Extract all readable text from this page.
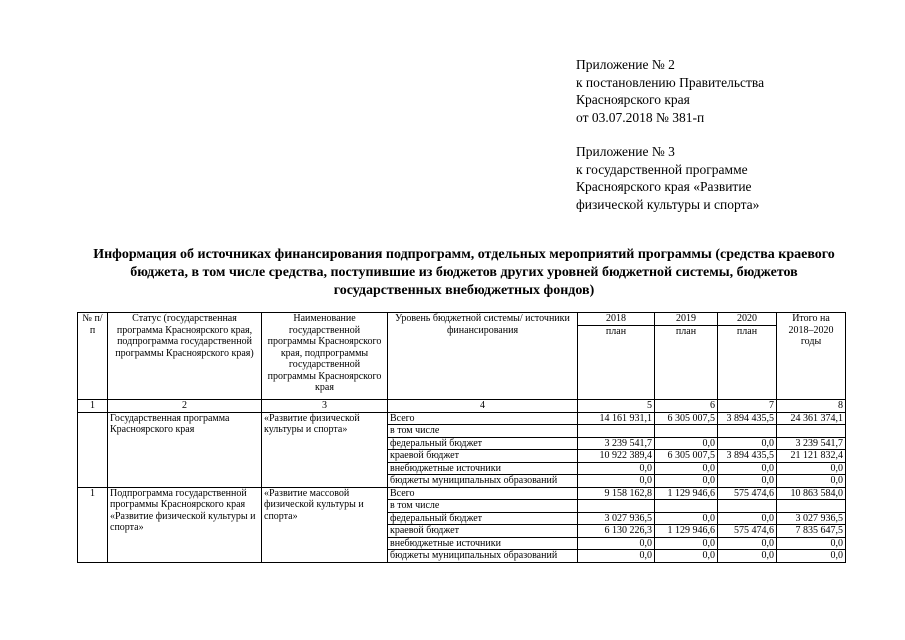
Приложение № 2
к постановлению Правительства
Красноярского края
от 03.07.2018 № 381-п
Приложение № 3
к государственной программе
Красноярского края «Развитие
физической культуры и спорта»
Информация об источниках финансирования подпрограмм, отдельных мероприятий программы (средства краевого
бюджета, в том числе средства, поступившие из бюджетов других уровней бюджетной системы, бюджетов
государственных внебюджетных фондов)
№ п/п	Статус (государственная программа Красноярского края, подпрограмма государственной программы Красноярского края)	Наименование государственной программы Красноярского края, подпрограммы государственной программы Красноярского края	Уровень бюджетной системы/ источники финансирования	2018	2019	2020	Итого на 2018–2020 годы
				план	план	план	
1	2	3	4	5	6	7	8
	Государственная программа Красноярского края	«Развитие физической культуры и спорта»	Всего	14 161 931,1	6 305 007,5	3 894 435,5	24 361 374,1
			в том числе				
			федеральный бюджет	3 239 541,7	0,0	0,0	3 239 541,7
			краевой бюджет	10 922 389,4	6 305 007,5	3 894 435,5	21 121 832,4
			внебюджетные источники	0,0	0,0	0,0	0,0
			бюджеты муниципальных образований	0,0	0,0	0,0	0,0
1	Подпрограмма государственной программы Красноярского края «Развитие физической культуры и спорта»	«Развитие массовой физической культуры и спорта»	Всего	9 158 162,8	1 129 946,6	575 474,6	10 863 584,0
			в том числе				
			федеральный бюджет	3 027 936,5	0,0	0,0	3 027 936,5
			краевой бюджет	6 130 226,3	1 129 946,6	575 474,6	7 835 647,5
			внебюджетные источники	0,0	0,0	0,0	0,0
			бюджеты муниципальных образований	0,0	0,0	0,0	0,0
